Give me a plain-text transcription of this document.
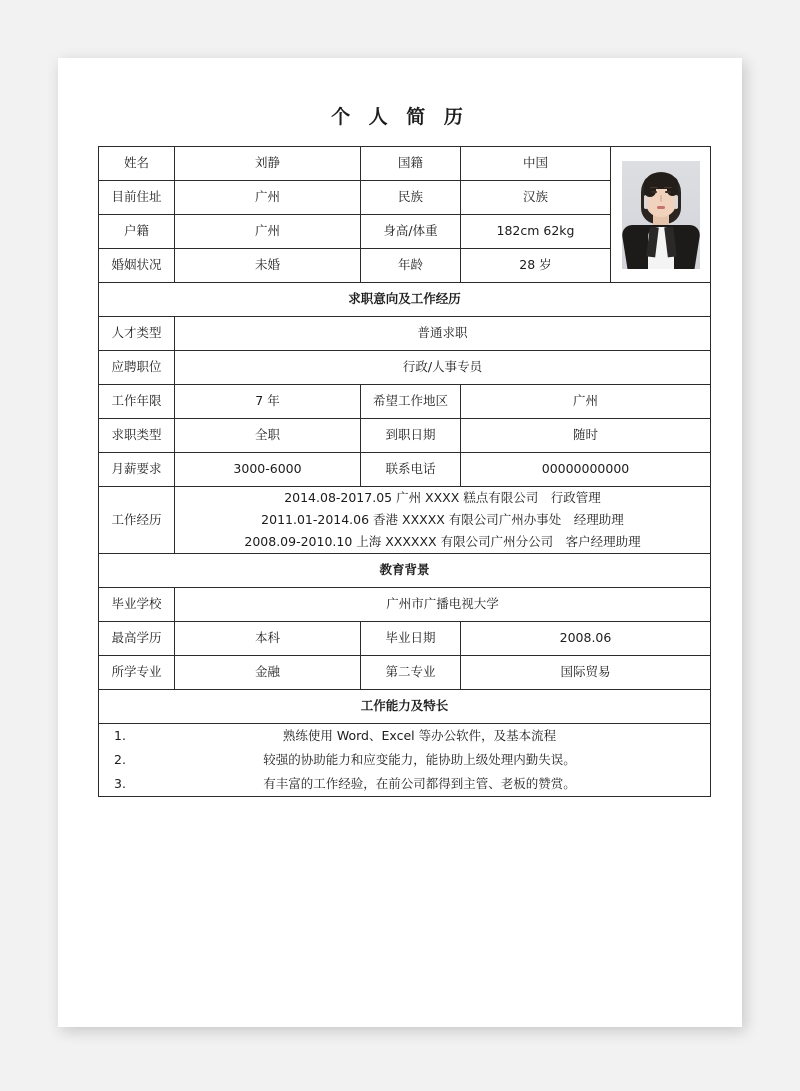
个 人 简 历
姓名	刘静	国籍	中国	

目前住址	广州	民族	汉族	
户籍	广州	身高/体重	182cm 62kg	
婚姻状况	未婚	年龄	28 岁	
求职意向及工作经历				
人才类型	普通求职			
应聘职位	行政/人事专员			
工作年限	7 年	希望工作地区	广州	
求职类型	全职	到职日期	随时	
月薪要求	3000-6000	联系电话	00000000000	
工作经历	2014.08-2017.05 广州 XXXX 糕点有限公司　行政管理
2011.01-2014.06 香港 XXXXX 有限公司广州办事处　经理助理
2008.09-2010.10 上海 XXXXXX 有限公司广州分公司　客户经理助理			

教育背景				
毕业学校	广州市广播电视大学			
最高学历	本科	毕业日期	2008.06	
所学专业	金融	第二专业	国际贸易	
工作能力及特长				

1.	熟练使用 Word、Excel 等办公软件，及基本流程
2.	较强的协助能力和应变能力，能协助上级处理内勤失误。
3.	有丰富的工作经验，在前公司都得到主管、老板的赞赏。
